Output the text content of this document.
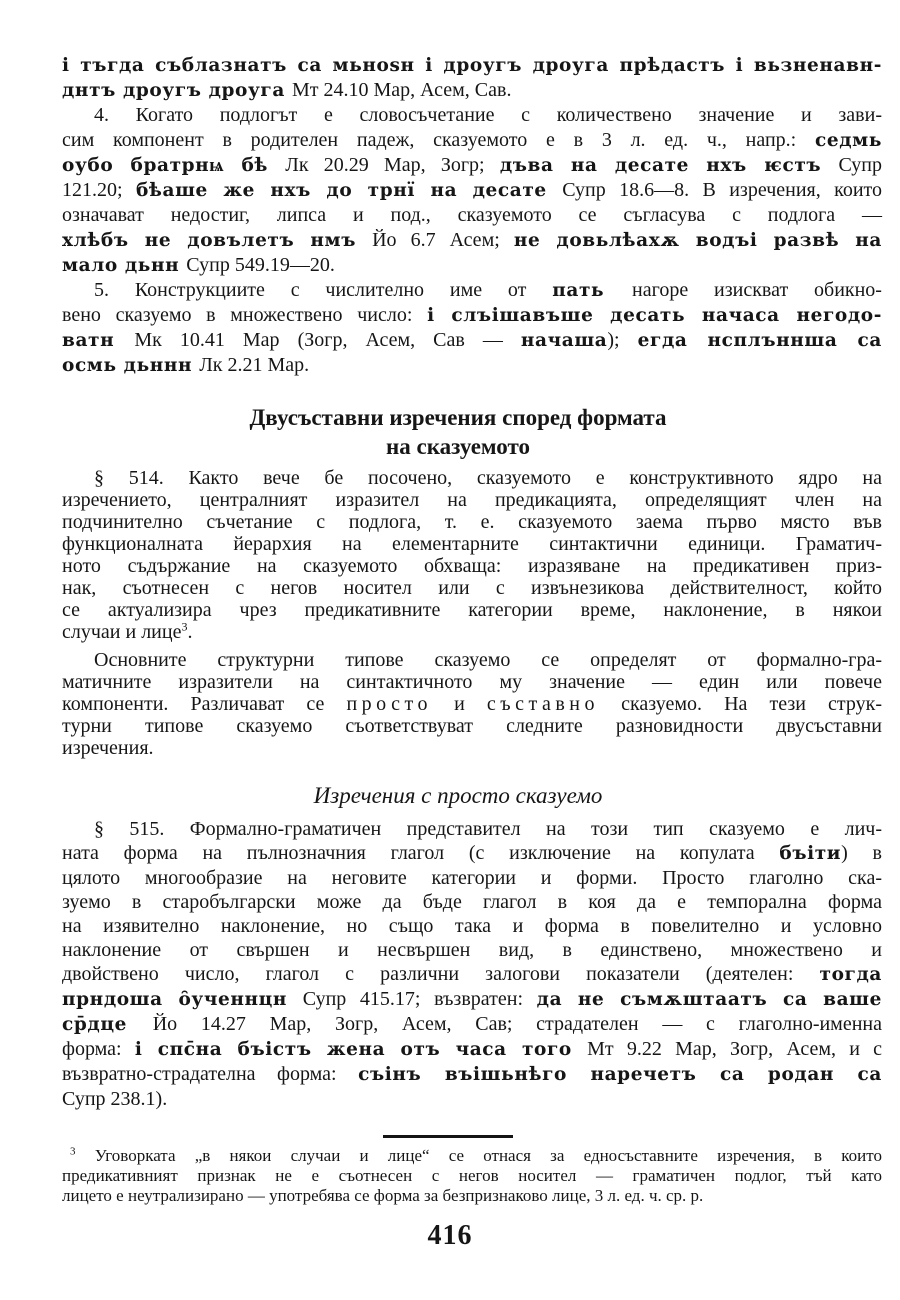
і тъгда съблазнатъ са мьноѕн і дроугъ дроуга прѣдастъ і вьзненавн-
днтъ дроугъ дроуга Мт 24.10 Мар, Асем, Сав.
4. Когато подлогът е словосъчетание с количествено значение и зави-
сим компонент в родителен падеж, сказуемото е в 3 л. ед. ч., напр.: седмь
оубо братрнѩ бѣ Лк 20.29 Мар, Зогр; дъва на десате нхъ ѥстъ Супр
121.20; бѣаше же нхъ до трнї на десате Супр 18.6—8. В изречения, които
означават недостиг, липса и под., сказуемото се съгласува с подлога —
хлѣбъ не довълетъ нмъ Йо 6.7 Асем; не довьлѣахѫ водъі развѣ на
мало дьнн Супр 549.19—20.
5. Конструкциите с числително име от пать нагоре изискват обикно-
вено сказуемо в множествено число: і слъішавъше десать начаса негодо-
ватн Мк 10.41 Мар (Зогр, Асем, Сав — начаша); егда нсплъннша са
осмь дьннн Лк 2.21 Мар.
Двусъставни изречения според формата
на сказуемото
§ 514. Както вече бе посочено, сказуемото е конструктивното ядро на
изречението, централният изразител на предикацията, определящият член на
подчинително съчетание с подлога, т. е. сказуемото заема първо място във
функционалната йерархия на елементарните синтактични единици. Граматич-
ното съдържание на сказуемото обхваща: изразяване на предикативен приз-
нак, съотнесен с негов носител или с извънезикова действителност, който
се актуализира чрез предикативните категории време, наклонение, в някои
случаи и лице$^3$.
Основните структурни типове сказуемо се определят от формално-гра-
матичните изразители на синтактичното му значение — един или повече
компоненти. Различават се просто и съставно сказуемо. На тези струк-
турни типове сказуемо съответствуват следните разновидности двусъставни
изречения.
Изречения с просто сказуемо
§ 515. Формално-граматичен представител на този тип сказуемо е лич-
ната форма на пълнозначния глагол (с изключение на копулата бъіти) в
цялото многообразие на неговите категории и форми. Просто глаголно ска-
зуемо в старобългарски може да бъде глагол в коя да е темпорална форма
на изявително наклонение, но също така и форма в повелително и условно
наклонение от свършен и несвършен вид, в единствено, множествено и
двойствено число, глагол с различни залогови показатели (деятелен: тогда
прндоша о̑ученнцн Супр 415.17; възвратен: да не съмѫштаатъ са ваше
ср̄дце Йо 14.27 Мар, Зогр, Асем, Сав; страдателен — с глаголно-именна
форма: і спс̄на бъістъ жена отъ часа того Мт 9.22 Мар, Зогр, Асем, и с
възвратно-страдателна форма: съінъ въішьнѣго наречетъ са родан са
Супр 238.1).
$^3$ Уговорката „в някои случаи и лице“ се отнася за едносъставните изречения, в които
предикативният признак не е съотнесен с негов носител — граматичен подлог, тъй като
лицето е неутрализирано — употребява се форма за безпризнаково лице, 3 л. ед. ч. ср. р.
416
